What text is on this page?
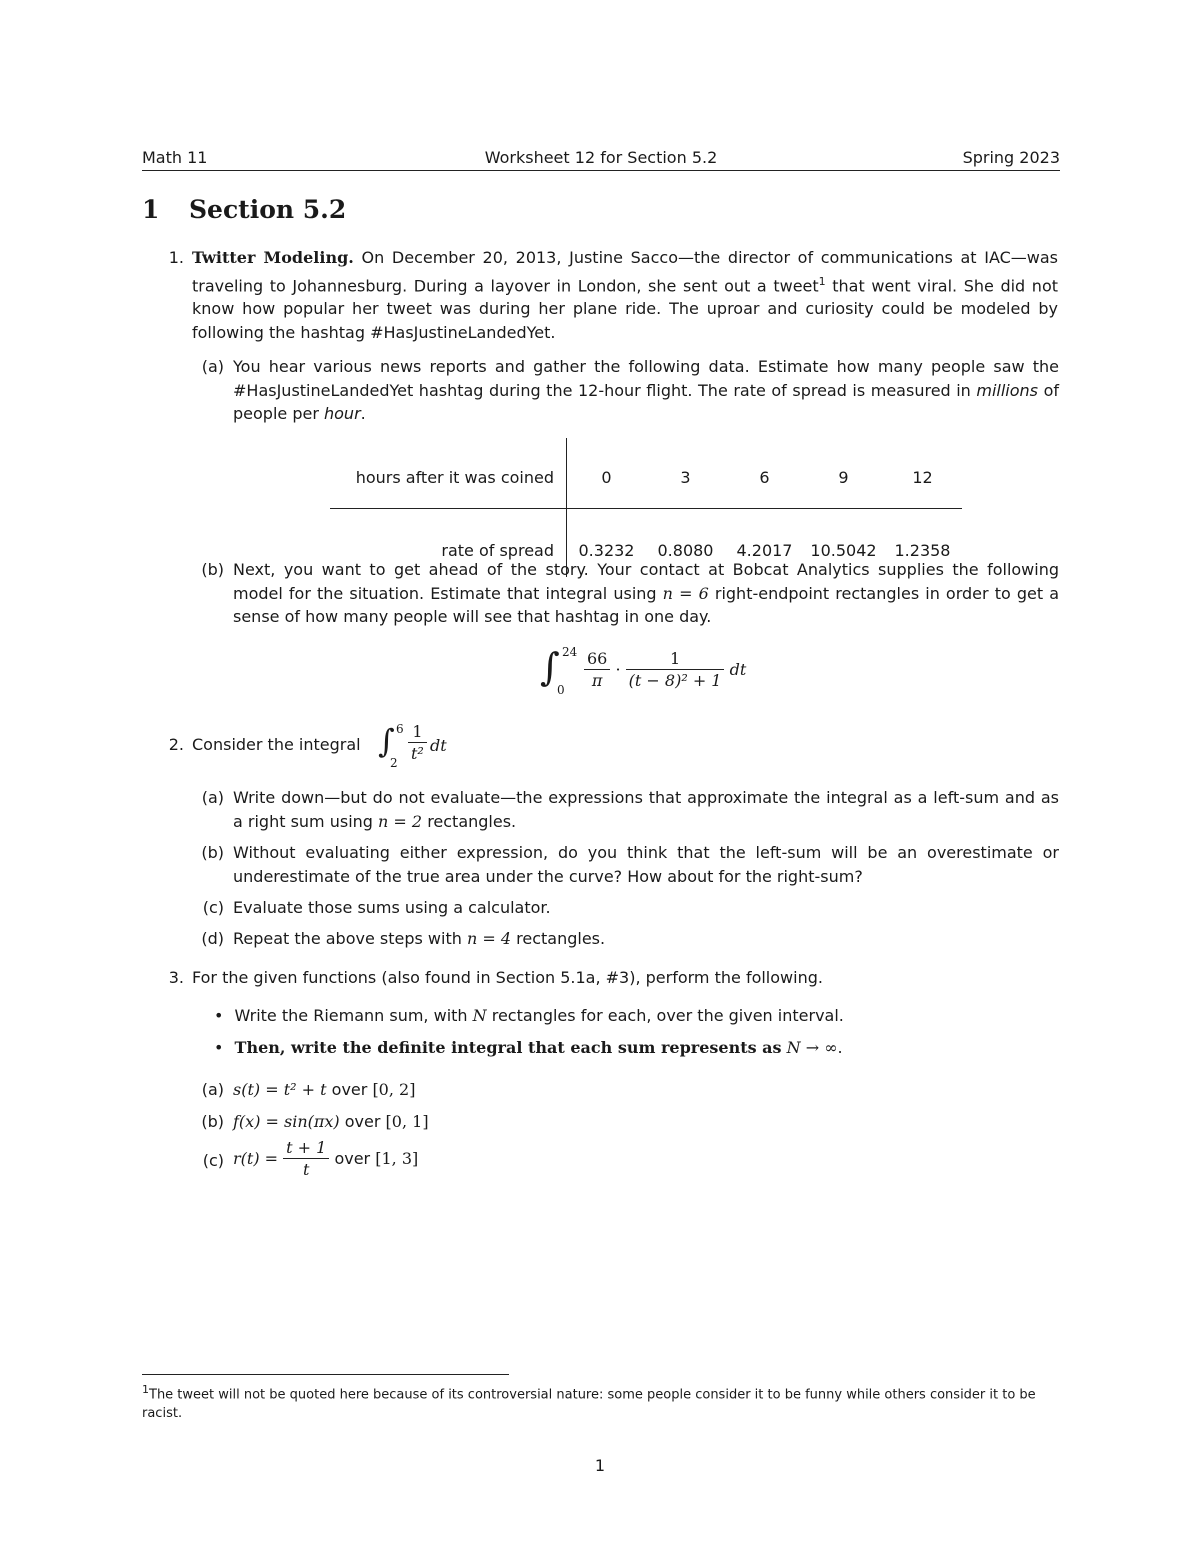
Math 11	Worksheet 12 for Section 5.2	Spring 2023
1 Section 5.2
1. Twitter Modeling. On December 20, 2013, Justine Sacco—the director of communications at IAC—was traveling to Johannesburg. During a layover in London, she sent out a tweet$^1$ that went viral. She did not know how popular her tweet was during her plane ride. The uproar and curiosity could be modeled by following the hashtag #HasJustineLandedYet.
(a) You hear various news reports and gather the following data. Estimate how many people saw the #HasJustineLandedYet hashtag during the 12-hour flight. The rate of spread is measured in millions of people per hour.
hours after it was coined	0	3	6	9	12
rate of spread	0.3232	0.8080	4.2017	10.5042	1.2358
(b) Next, you want to get ahead of the story. Your contact at Bobcat Analytics supplies the following model for the situation. Estimate that integral using n = 6 right-endpoint rectangles in order to get a sense of how many people will see that hashtag in one day.
∫ 24
$0 \frac{66}{\pi} \cdot \frac{1}{\text{(t − 8)² + 1}}$ dt
2. Consider the integral ∫ 6
$2 \frac{1}{\text{t²}}$ dt
(a) Write down—but do not evaluate—the expressions that approximate the integral as a left-sum and as a right sum using n = 2 rectangles.
(b) Without evaluating either expression, do you think that the left-sum will be an overestimate or underestimate of the true area under the curve? How about for the right-sum?
(c) Evaluate those sums using a calculator.
(d) Repeat the above steps with n = 4 rectangles.
3. For the given functions (also found in Section 5.1a, #3), perform the following.
• Write the Riemann sum, with N rectangles for each, over the given interval.
• Then, write the definite integral that each sum represents as N → ∞.
(a) s(t) = t² + t over [0, 2]
(b) f(x) = sin(πx) over [0, 1]
(c) $r(t) = \frac{t + 1}{t}$ over [1, 3]
$^1$The tweet will not be quoted here because of its controversial nature: some people consider it to be funny while others consider it to be racist.
1
